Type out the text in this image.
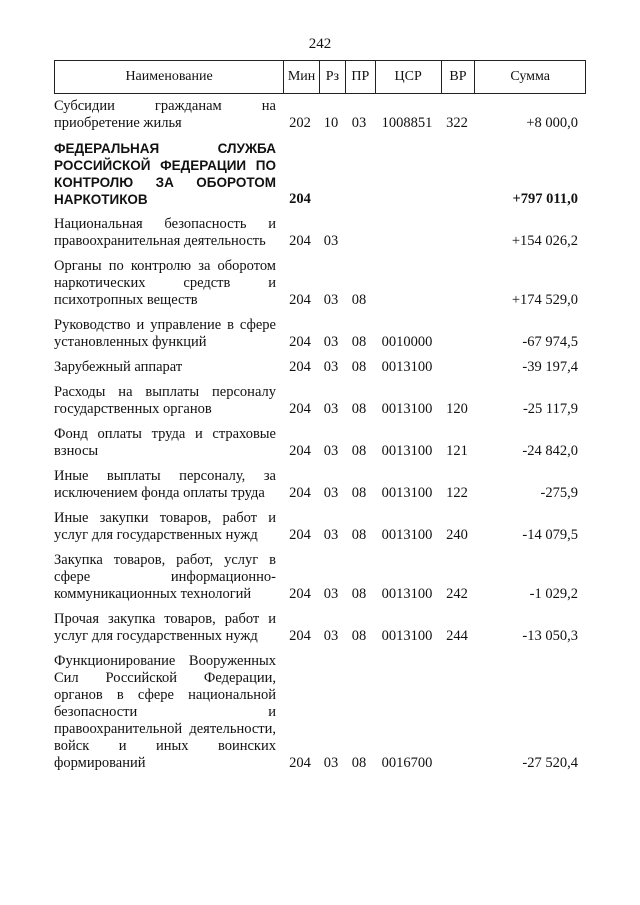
242
Наименование	Мин Рз ПР	ЦСР	ВР	Сумма
Субсидии гражданам на приобретение жилья	202 10 03	1008851 322	+8 000,0
ФЕДЕРАЛЬНАЯ СЛУЖБА РОССИЙСКОЙ ФЕДЕРАЦИИ ПО КОНТРОЛЮ ЗА ОБОРОТОМ НАРКОТИКОВ	204	+797 011,0
Национальная безопасность и правоохранительная деятельность	204 03	+154 026,2
Органы по контролю за оборотом наркотических средств и психотропных веществ	204 03 08	+174 529,0
Руководство и управление в сфере установленных функций	204 03 08	0010000	-67 974,5
Зарубежный аппарат	204 03 08	0013100	-39 197,4
Расходы на выплаты персоналу государственных органов	204 03 08	0013100 120	-25 117,9
Фонд оплаты труда и страховые взносы	204 03 08	0013100 121	-24 842,0
Иные выплаты персоналу, за исключением фонда оплаты труда	204 03 08	0013100 122	-275,9
Иные закупки товаров, работ и услуг для государственных нужд	204 03 08	0013100 240	-14 079,5
Закупка товаров, работ, услуг в сфере информационно-коммуникационных технологий	204 03 08	0013100 242	-1 029,2
Прочая закупка товаров, работ и услуг для государственных нужд	204 03 08	0013100 244	-13 050,3
Функционирование Вооруженных Сил Российской Федерации, органов в сфере национальной безопасности и правоохранительной деятельности, войск и иных воинских формирований	204 03 08	0016700	-27 520,4
